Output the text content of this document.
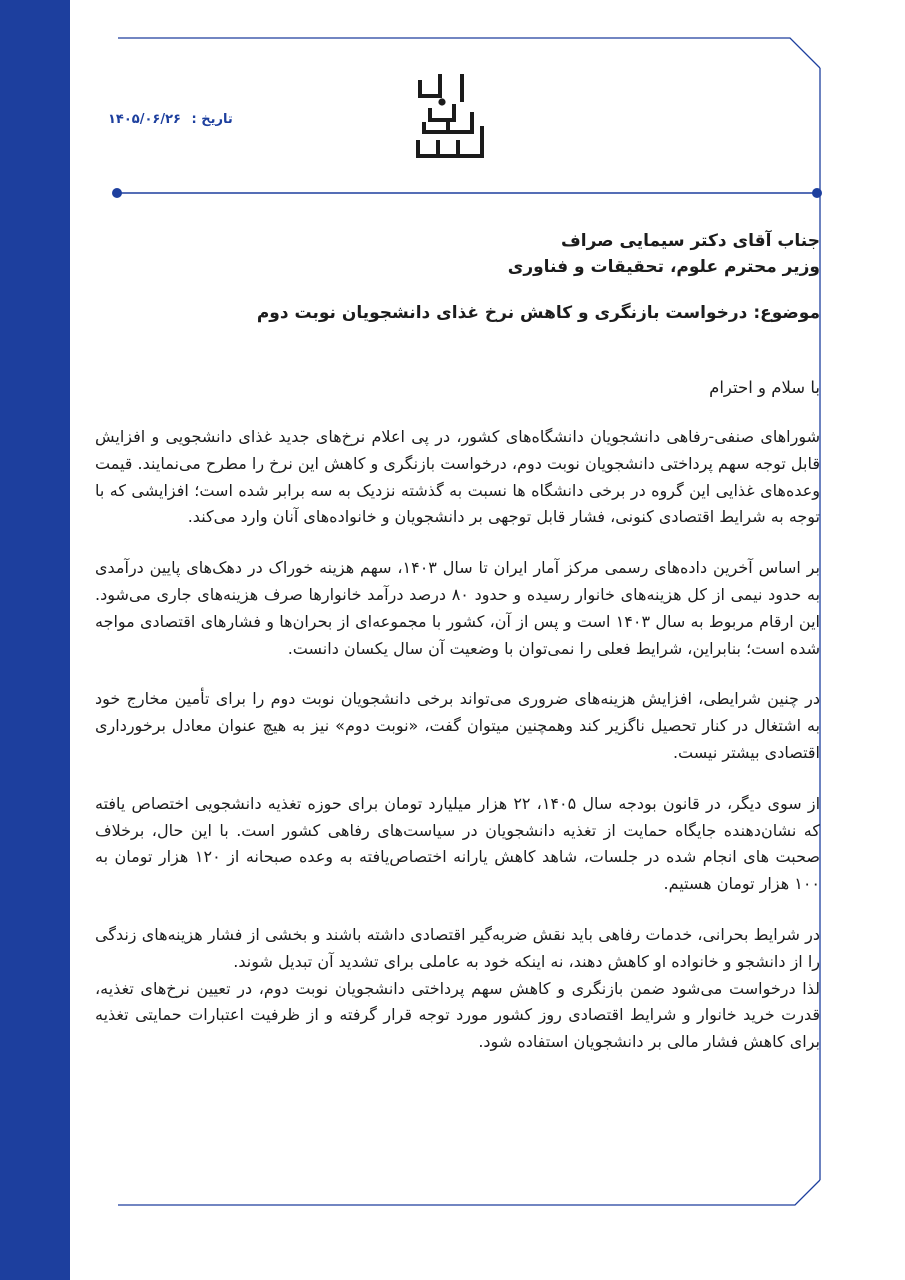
تاریخ : ۱۴۰۵/۰۶/۲۶
جناب آقای دکتر سیمایی صراف
وزیر محترم علوم، تحقیقات و فناوری
موضوع: درخواست بازنگری و کاهش نرخ غذای دانشجویان نوبت دوم
با سلام و احترام

شوراهای صنفی-رفاهی دانشجویان دانشگاه‌های کشور، در پی اعلام نرخ‌های جدید غذای دانشجویی و افزایش قابل توجه سهم پرداختی دانشجویان نوبت دوم، درخواست بازنگری و کاهش این نرخ را مطرح می‌نمایند. قیمت وعده‌های غذایی این گروه در برخی دانشگاه ها نسبت به گذشته نزدیک به سه برابر شده است؛ افزایشی که با توجه به شرایط اقتصادی کنونی، فشار قابل توجهی بر دانشجویان و خانواده‌های آنان وارد می‌کند.

بر اساس آخرین داده‌های رسمی مرکز آمار ایران تا سال ۱۴۰۳، سهم هزینه خوراک در دهک‌های پایین درآمدی به حدود نیمی از کل هزینه‌های خانوار رسیده و حدود ۸۰ درصد درآمد خانوارها صرف هزینه‌های جاری می‌شود. این ارقام مربوط به سال ۱۴۰۳ است و پس از آن، کشور با مجموعه‌ای از بحران‌ها و فشارهای اقتصادی مواجه شده است؛ بنابراین، شرایط فعلی را نمی‌توان با وضعیت آن سال یکسان دانست.

در چنین شرایطی، افزایش هزینه‌های ضروری می‌تواند برخی دانشجویان نوبت دوم را برای تأمین مخارج خود به اشتغال در کنار تحصیل ناگزیر کند وهمچنین میتوان گفت، «نوبت دوم» نیز به هیچ عنوان معادل برخورداری اقتصادی بیشتر نیست.

از سوی دیگر، در قانون بودجه سال ۱۴۰۵، ۲۲ هزار میلیارد تومان برای حوزه تغذیه دانشجویی اختصاص یافته که نشان‌دهنده جایگاه حمایت از تغذیه دانشجویان در سیاست‌های رفاهی کشور است. با این حال، برخلاف صحبت های انجام شده در جلسات، شاهد کاهش یارانه اختصاص‌یافته به وعده صبحانه از ۱۲۰ هزار تومان به ۱۰۰ هزار تومان هستیم.

در شرایط بحرانی، خدمات رفاهی باید نقش ضربه‌گیر اقتصادی داشته باشند و بخشی از فشار هزینه‌های زندگی را از دانشجو و خانواده او کاهش دهند، نه اینکه خود به عاملی برای تشدید آن تبدیل شوند.

لذا درخواست می‌شود ضمن بازنگری و کاهش سهم پرداختی دانشجویان نوبت دوم، در تعیین نرخ‌های تغذیه، قدرت خرید خانوار و شرایط اقتصادی روز کشور مورد توجه قرار گرفته و از ظرفیت اعتبارات حمایتی تغذیه برای کاهش فشار مالی بر دانشجویان استفاده شود.
